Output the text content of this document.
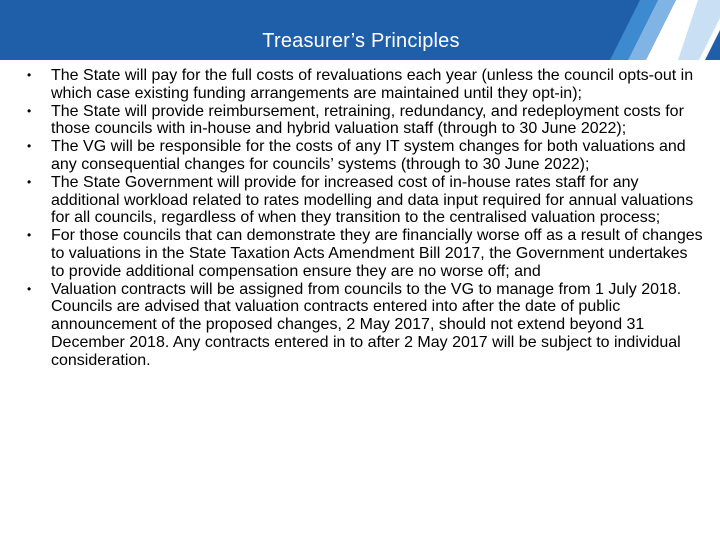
Treasurer’s Principles
• The State will pay for the full costs of revaluations each year (unless the council opts-out in which case existing funding arrangements are maintained until they opt-in);
• The State will provide reimbursement, retraining, redundancy, and redeployment costs for those councils with in-house and hybrid valuation staff (through to 30 June 2022);
• The VG will be responsible for the costs of any IT system changes for both valuations and any consequential changes for councils’ systems (through to 30 June 2022);
• The State Government will provide for increased cost of in-house rates staff for any additional workload related to rates modelling and data input required for annual valuations for all councils, regardless of when they transition to the centralised valuation process;
• For those councils that can demonstrate they are financially worse off as a result of changes to valuations in the State Taxation Acts Amendment Bill 2017, the Government undertakes to provide additional compensation ensure they are no worse off; and
• Valuation contracts will be assigned from councils to the VG to manage from 1 July 2018. Councils are advised that valuation contracts entered into after the date of public announcement of the proposed changes, 2 May 2017, should not extend beyond 31 December 2018. Any contracts entered in to after 2 May 2017 will be subject to individual consideration.
